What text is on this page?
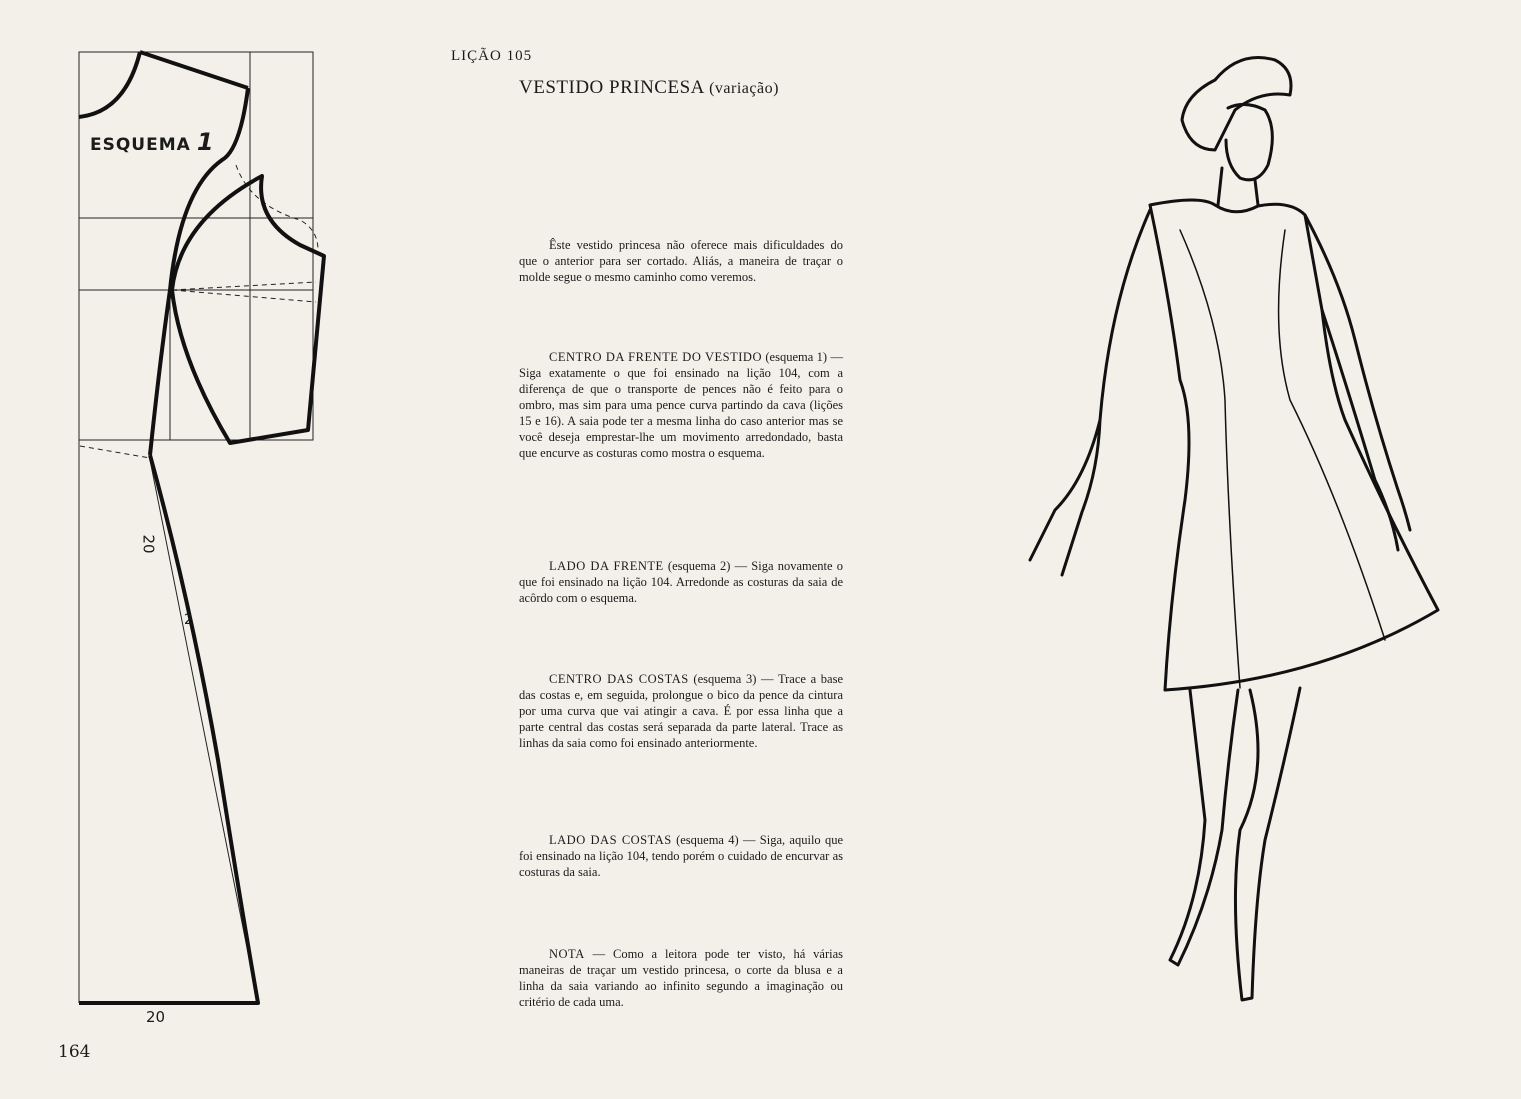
ESQUEMA 1
20
2
20
164
LIÇÃO 105
VESTIDO PRINCESA (variação)
Êste vestido princesa não oferece mais dificuldades do que o anterior para ser cortado. Aliás, a maneira de traçar o molde segue o mesmo caminho como veremos.
CENTRO DA FRENTE DO VESTIDO (esquema 1) — Siga exatamente o que foi ensinado na lição 104, com a diferença de que o transporte de pences não é feito para o ombro, mas sim para uma pence curva partindo da cava (lições 15 e 16). A saia pode ter a mesma linha do caso anterior mas se você deseja emprestar-lhe um movimento arredondado, basta que encurve as costuras como mostra o esquema.
LADO DA FRENTE (esquema 2) — Siga novamente o que foi ensinado na lição 104. Arredonde as costuras da saia de acôrdo com o esquema.
CENTRO DAS COSTAS (esquema 3) — Trace a base das costas e, em seguida, prolongue o bico da pence da cintura por uma curva que vai atingir a cava. É por essa linha que a parte central das costas será separada da parte lateral. Trace as linhas da saia como foi ensinado anteriormente.
LADO DAS COSTAS (esquema 4) — Siga, aquilo que foi ensinado na lição 104, tendo porém o cuidado de encurvar as costuras da saia.
NOTA — Como a leitora pode ter visto, há várias maneiras de traçar um vestido princesa, o corte da blusa e a linha da saia variando ao infinito segundo a imaginação ou critério de cada uma.
